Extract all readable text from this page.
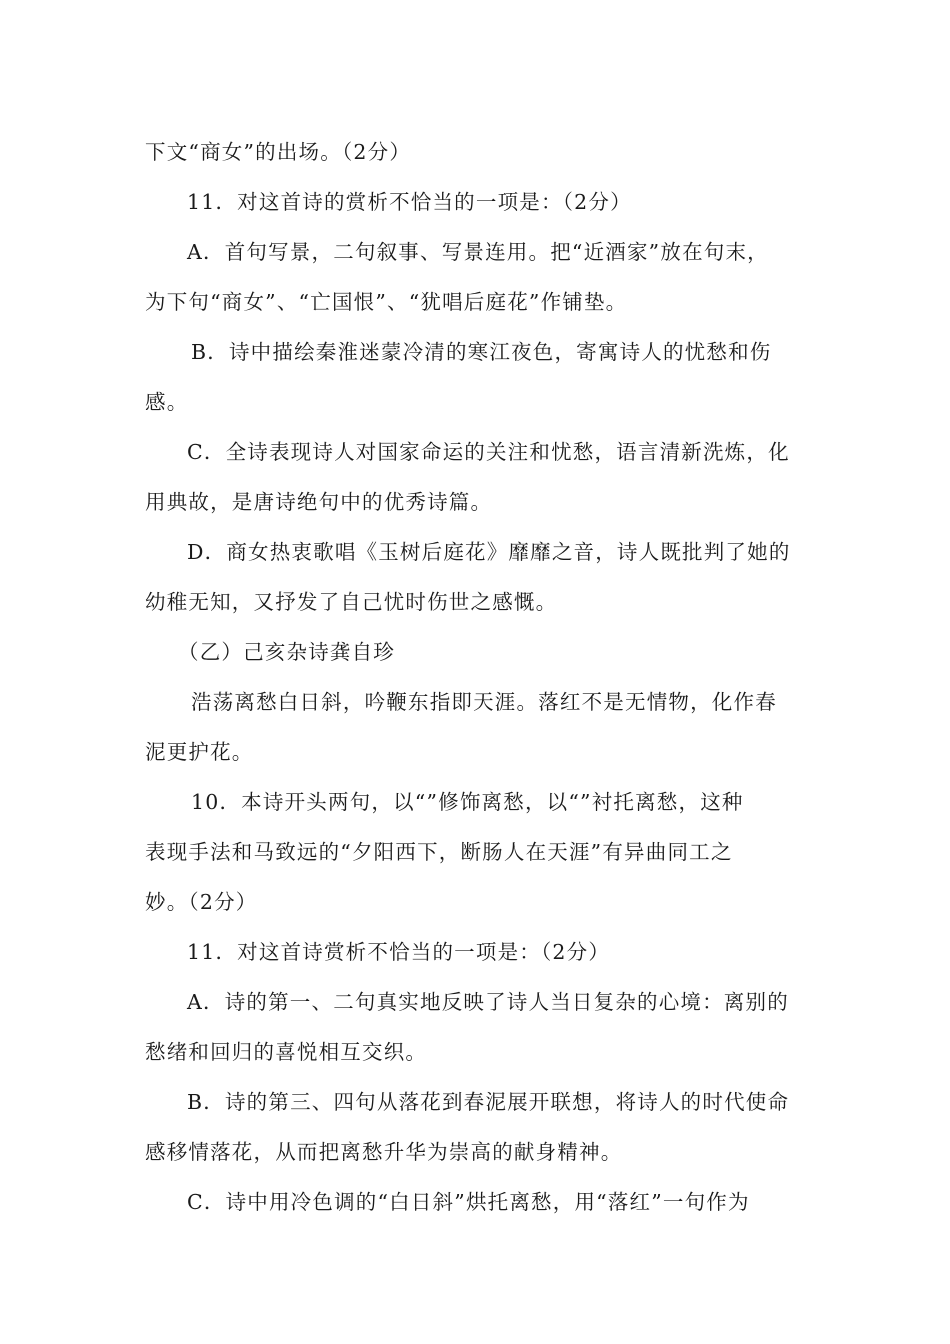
下文“商女”的出场。（2分）
11．对这首诗的赏析不恰当的一项是：（2分）
A．首句写景，二句叙事、写景连用。把“近酒家”放在句末，
为下句“商女”、“亡国恨”、“犹唱后庭花”作铺垫。
B．诗中描绘秦淮迷蒙冷清的寒江夜色，寄寓诗人的忧愁和伤
感。
C．全诗表现诗人对国家命运的关注和忧愁，语言清新洗炼，化
用典故，是唐诗绝句中的优秀诗篇。
D．商女热衷歌唱《玉树后庭花》靡靡之音，诗人既批判了她的
幼稚无知，又抒发了自己忧时伤世之感慨。
（乙）己亥杂诗龚自珍
浩荡离愁白日斜，吟鞭东指即天涯。落红不是无情物，化作春
泥更护花。
10．本诗开头两句，以“”修饰离愁，以“”衬托离愁，这种
表现手法和马致远的“夕阳西下，断肠人在天涯”有异曲同工之
妙。（2分）
11．对这首诗赏析不恰当的一项是：（2分）
A．诗的第一、二句真实地反映了诗人当日复杂的心境：离别的
愁绪和回归的喜悦相互交织。
B．诗的第三、四句从落花到春泥展开联想，将诗人的时代使命
感移情落花，从而把离愁升华为崇高的献身精神。
C．诗中用冷色调的“白日斜”烘托离愁，用“落红”一句作为
